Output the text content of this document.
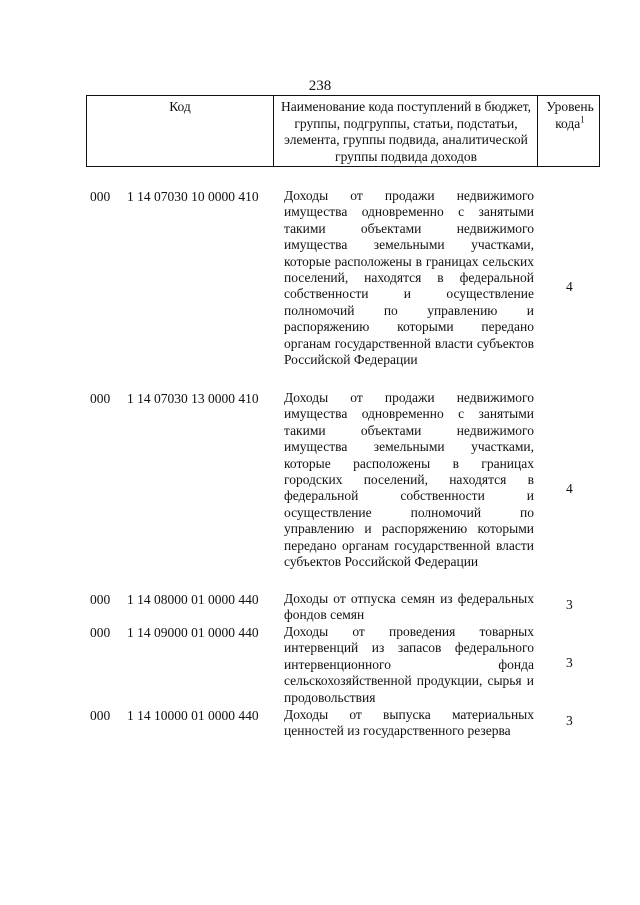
238
Код	Наименование кода поступлений в бюджет, группы, подгруппы, статьи, подстатьи, элемента, группы подвида, аналитической группы подвида доходов
Уровень кода$^1$
000 1 14 07030 10 0000 410 Доходы от продажи недвижимого имущества одновременно с занятыми такими объектами недвижимого имущества земельными участками, которые расположены в границах сельских поселений, находятся в федеральной собственности и осуществление полномочий по управлению и распоряжению которыми передано органам государственной власти субъектов Российской Федерации
4
000 1 14 07030 13 0000 410 Доходы от продажи недвижимого имущества одновременно с занятыми такими объектами недвижимого имущества земельными участками, которые расположены в границах городских поселений, находятся в федеральной собственности и осуществление полномочий по управлению и распоряжению которыми передано органам государственной власти субъектов Российской Федерации
4
000 1 14 08000 01 0000 440 Доходы от отпуска семян из федеральных фондов семян
3
000 1 14 09000 01 0000 440 Доходы от проведения товарных интервенций из запасов федерального интервенционного фонда сельскохозяйственной продукции, сырья и продовольствия
3
000 1 14 10000 01 0000 440 Доходы от выпуска материальных ценностей из государственного резерва
3
